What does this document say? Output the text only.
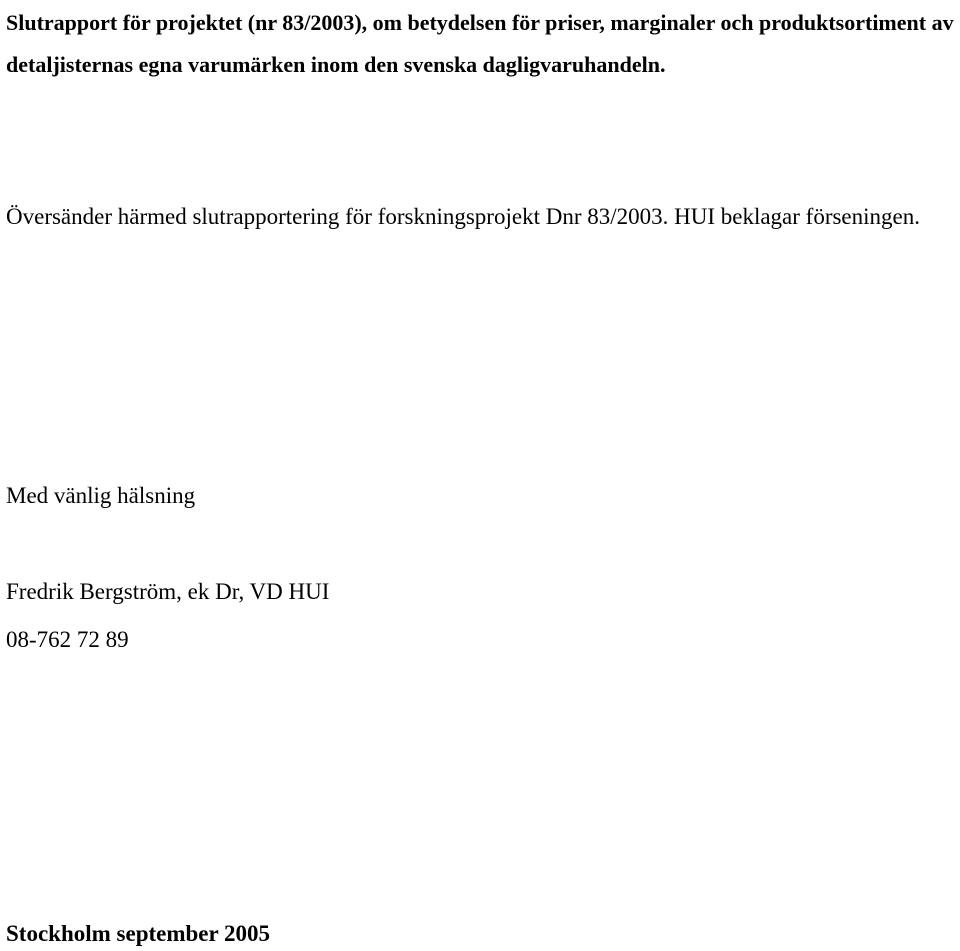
Slutrapport för projektet (nr 83/2003), om betydelsen för priser, marginaler och produktsortiment av detaljisternas egna varumärken inom den svenska dagligvaruhandeln.

Översänder härmed slutrapportering för forskningsprojekt Dnr 83/2003. HUI beklagar förseningen.

Med vänlig hälsning

Fredrik Bergström, ek Dr, VD HUI

08-762 72 89

Stockholm september 2005
